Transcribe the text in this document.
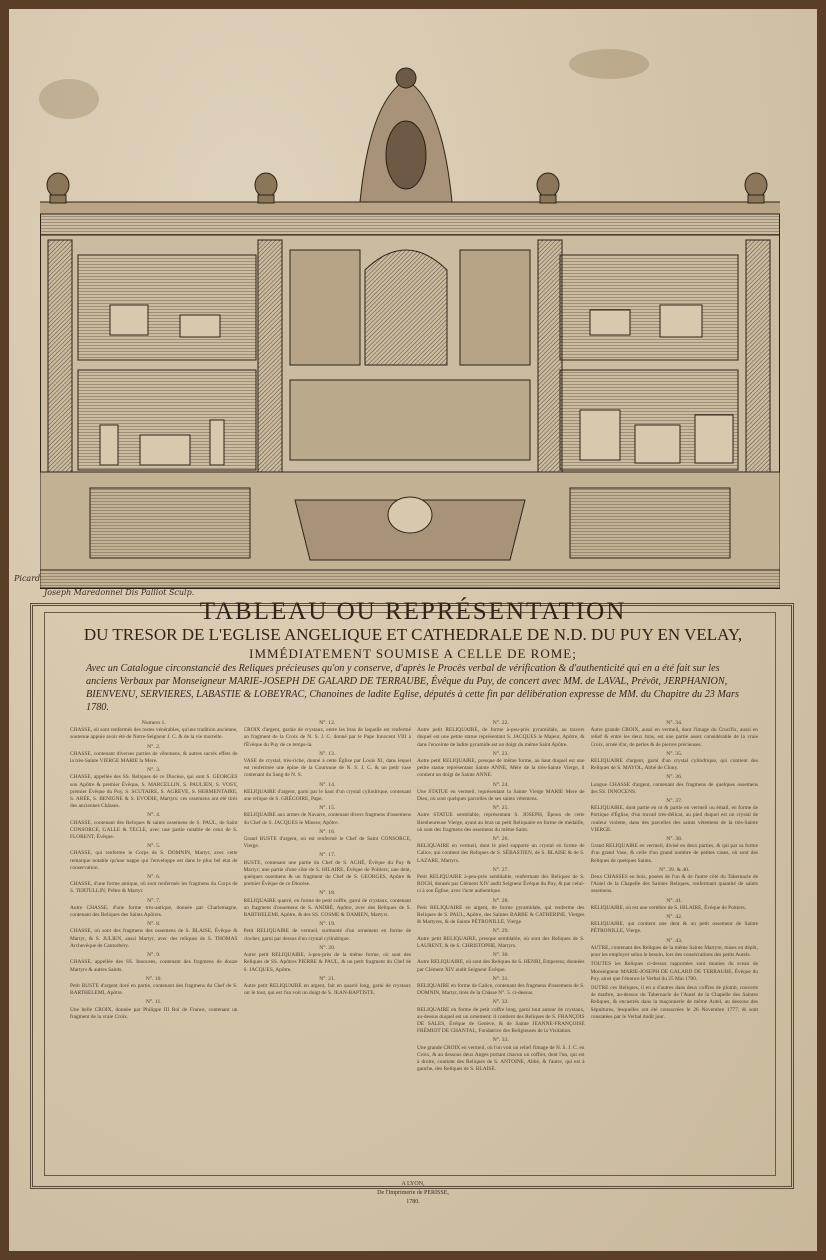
Joseph Maredonnel Dis Palliot Sculp.
Picard
TABLEAU OU REPRÉSENTATION
DU TRESOR DE L'EGLISE ANGELIQUE ET CATHEDRALE DE N.D. DU PUY EN VELAY,
IMMÉDIATEMENT SOUMISE A CELLE DE ROME;
Avec un Catalogue circonstancié des Reliques précieuses qu'on y conserve, d'après le Procès verbal de vérification & d'authenticité qui en a été fait sur les anciens Verbaux par Monseigneur MARIE-JOSEPH DE GALARD DE TERRAUBE, Évêque du Puy, de concert avec MM. de LAVAL, Prévôt, JERPHANION, BIENVENU, SERVIERES, LABASTIE & LOBEYRAC, Chanoines de ladite Eglise, députés à cette fin par délibération expresse de MM. du Chapitre du 23 Mars 1780.
Numero 1.

CHASSE, où sont renfermés des restes vénérables, qu'une tradition ancienne, soutenue appuie avoir été de Notre-Seigneur J. C. & de la vie mortelle.

N°. 2.

CHASSE, contenant diverses parties de vêtemens, & autres sacrés effets de la très-Sainte VIERGE MARIE la Mere.

N°. 3.

CHASSE, appellée des SS. Reliques de ce Diocèse, qui sont S. GEORGES son Apôtre & premier Évêque, S. MARCELLIN, S. PAULIEN, S. VOSY, premier Évêque du Puy, S. SCUTAIRE, S. AGREVE, S. HERMENTAIRE, S. ARÉE, S. BENIGNE & S. EVODIE, Martyrs: ces ossemens ont été tirés des anciennes Châsses.

N°. 4.

CHASSE, contenant des Reliques & saints ossemens de S. PAUL, de Saint CONSORCE, GALLE & TECLE, avec une partie notable de ceux de S. FLORENT, Évêque.

N°. 5.

CHASSE, qui renferme le Corps de S. DOMNIN, Martyr, avec cette remarque notable qu'une nappe qui l'enveloppe est dans le plus bel état de conservation.

N°. 6.

CHASSE, d'une forme antique, où sont renfermés les fragmens du Corps de S. TERTULLIN, Prêtre & Martyr.

N°. 7.

Autre CHASSE, d'une forme très-antique, donnée par Charlemagne, contenant des Reliques des Saints Apôtres.

N°. 8.

CHASSE, où sont des fragmens des ossemens de S. BLAISE, Évêque & Martyr, & S. JULIEN, aussi Martyr, avec des reliques de S. THOMAS Archevêque de Cantorbéry.

N°. 9.

CHASSE, appellée des SS. Innocens, contenant des fragmens de douze Martyrs & autres Saints.

N°. 10.

Petit BUSTE d'argent doré en partie, contenant des fragmens du Chef de S. BARTHELEMI, Apôtre.

N°. 11.

Une belle CROIX, donnée par Philippe III Roi de France, contenant un fragment de la vraie Croix.

N°. 12.

CROIX d'argent, garnie de crystaux, entre les bras de laquelle est renfermé un fragment de la Croix de N. S. J. C. donné par le Pape Innocent VIII à l'Évêque du Puy de ce temps-là.

N°. 13.

VASE de crystal, très-riche, donné à cette Église par Louis XI, dans lequel est renfermée une épine de la Couronne de N. S. J. C. & un petit vase contenant du Sang de N. S.

N°. 14.

RELIQUAIRE d'argent, garni par le haut d'un crystal cylindrique, contenant une relique de S. GRÉGOIRE, Pape.

N°. 15.

RELIQUAIRE aux armes de Navarre, contenant divers fragmens d'ossemens du Chef de S. JACQUES le Mineur, Apôtre.

N°. 16.

Grand BUSTE d'argent, où est renfermé le Chef de Saint CONSORCE, Vierge.

N°. 17.

BUSTE, contenant une partie du Chef de S. ACHÉ, Évêque du Puy & Martyr; une partie d'une côte de S. HILAIRE, Évêque de Poitiers; une dent, quelques ossemens & un fragment du Chef de S. GEORGES, Apôtre & premier Évêque de ce Diocèse.

N°. 18.

RELIQUAIRE quarré, en forme de petit coffre, garni de crystaux, contenant un fragment d'ossemens de S. ANDRÉ, Apôtre, avec des Reliques de S. BARTHELEMI, Apôtre, & des SS. COSME & DAMIEN, Martyrs.

N°. 19.

Petit RELIQUAIRE de vermeil, surmonté d'un ornement en forme de clocher, garni par dessus d'un crystal cylindrique.

N°. 20.

Autre petit RELIQUAIRE, à-peu-près de la même forme, où sont des Reliques de SS. Apôtres PIERRE & PAUL, & un petit fragment du Chef de S. JACQUES, Apôtre.

N°. 21.

Autre petit RELIQUAIRE en argent, fait en quarré long, garni de crystaux sur le tout, qui est l'un voit un doigt de S. JEAN-BAPTISTE.

N°. 22.

Autre petit RELIQUAIRE, de forme à-peu-près pyramidale, au travers duquel est une petite statue représentant S. JACQUES le Majeur, Apôtre, & dans l'enceinte de ladite pyramide est un doigt du même Saint Apôtre.

N°. 23.

Autre petit RELIQUAIRE, presque de même forme, au haut duquel est une petite statue représentant Sainte ANNE, Mère de la très-Sainte Vierge, il contient un doigt de Sainte ANNE.

N°. 24.

Une STATUE en vermeil, représentant la Sainte Vierge MARIE Mere de Dieu, où sont quelques parcelles de ses saints vêtemens.

N°. 25.

Autre STATUE semblable, représentant S. JOSEPH, Époux de cette Bienheureuse Vierge, ayant au bras un petit Reliquaire en forme de médaille, où sont des fragmens des ossemens du même Saint.

N°. 26.

RELIQUAIRE en vermeil, dont le pied supporte un crystal en forme de Calice, qui contient des Reliques de S. SÉBASTIEN, de S. BLAISE & de S. LAZARE, Martyrs.

N°. 27.

Petit RELIQUAIRE à-peu-près semblable, renfermant des Reliques de S. ROCH, donnés par Clément XIV audit Seigneur Évêque du Puy, & par celui-ci à son Église, avec l'acte authentique.

N°. 28.

Petit RELIQUAIRE en argent, de forme pyramidale, qui renferme des Reliques de S. PAUL, Apôtre, des Saintes BARBE & CATHERINE, Vierges & Martyres, & de Sainte PÉTRONILLE, Vierge.

N°. 29.

Autre petit RELIQUAIRE, presque semblable, où sont des Reliques de S. LAURENT, & de S. CHRISTOPHE, Martyrs.

N°. 30.

Autre RELIQUAIRE, où sont des Reliques de S. HENRI, Empereur, données par Clément XIV audit Seigneur Évêque.

N°. 31.

RELIQUAIRE en forme de Calice, contenant des fragmens d'ossemens de S. DOMNIN, Martyr, tirés de la Châsse N°. 5. ci-dessus.

N°. 32.

RELIQUAIRE en forme de petit coffre long, garni tout autour de crystaux, au-dessus duquel est un ornement: il contient des Reliques de S. FRANÇOIS DE SALES, Évêque de Genève, & de Sainte JEANNE-FRANÇOISE FRÉMIOT DE CHANTAL, Fondatrice des Religieuses de la Visitation.

N°. 33.

Une grande CROIX en vermeil, où l'on voit un relief l'image de N. S. J. C. en Croix, & au dessous deux Anges portant chacun un coffret, dont l'un, qui est à droite, contient des Reliques de S. ANTOINE, Abbé, & l'autre, qui est à gauche, des Reliques de S. BLAISE.

N°. 34.

Autre grande CROIX, aussi en vermeil, dont l'image du Crucifix, aussi en relief & entre les deux bras, est une partie assez considérable de la vraie Croix, ornée d'or, de perles & de pierres précieuses.

N°. 35.

RELIQUAIRE d'argent, garni d'un crystal cylindrique, qui contient des Reliques de S. MAYOL, Abbé de Cluny.

N°. 36.

Longue CHASSE d'argent, contenant des fragmens de quelques ossemens des SS. INNOCENS.

N°. 37.

RELIQUAIRE, dont partie en or & partie en vermeil ou émail, en forme de Portique d'Église, d'un travail très-délicat, au pied duquel est un crystal de couleur violette, dans des parcelles des saints vêtemens de la très-Sainte VIERGE.

N°. 38.

Grand RELIQUAIRE en vermeil, divisé en deux parties, & qui par sa forme d'un grand Vase, & celle d'un grand nombre de petites cases, où sont des Reliques de quelques Saints.

N°. 39. & 40.

Deux CHASSES en bois, posées de l'un & de l'autre côté du Tabernacle de l'Autel de la Chapelle des Saintes Reliques, renfermant quantité de saints ossemens.

N°. 41.

RELIQUAIRE, où est une vertèbre de S. HILAIRE, Évêque de Poitiers.

N°. 42.

RELIQUAIRE, qui contient une dent & un petit ossement de Sainte PÉTRONILLE, Vierge.

N°. 43.

AUTRE, contenant des Reliques de la même Sainte Martyre, mises en dépôt, pour les employer selon le besoin, lors des consécrations des petits Autels.

TOUTES les Reliques ci-dessus rapportées sont munies du sceau de Monseigneur MARIE-JOSEPH DE GALARD DE TERRAUBE, Évêque du Puy, ainsi que l'énonce le Verbal du 25 Mai 1780.

OUTRE ces Reliques, il en a d'autres dans deux coffres de plomb, couverts de marbre, au-dessus du Tabernacle de l'Autel de la Chapelle des Saintes Reliques, & encastrés dans la maçonnerie de même Autel, au dessous des Sépultures, lesquelles ont été consacrées le 26 Novembre 1777, & sont constatées par le Verbal dudit jour.

A LYON,
De l'Imprimerie de PERISSE,
1780.
